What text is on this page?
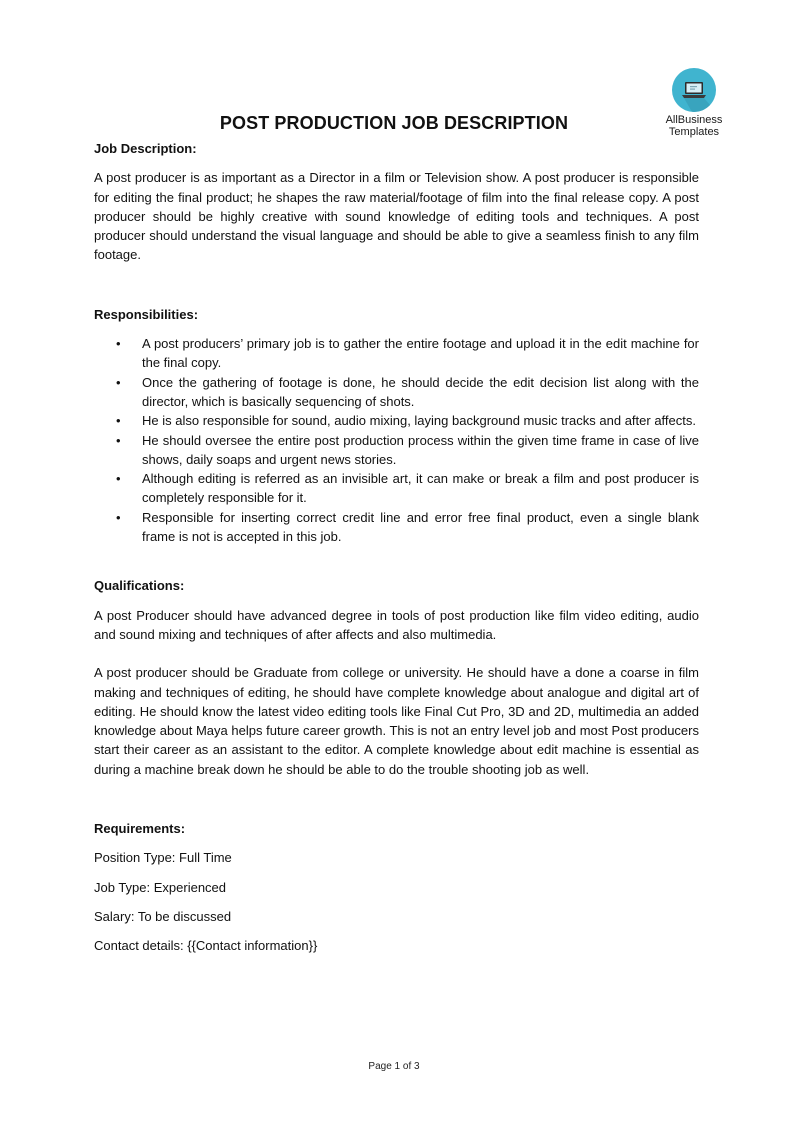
AllBusiness
Templates
POST PRODUCTION JOB DESCRIPTION

Job Description:

A post producer is as important as a Director in a film or Television show. A post producer is responsible for editing the final product; he shapes the raw material/footage of film into the final release copy. A post producer should be highly creative with sound knowledge of editing tools and techniques. A post producer should understand the visual language and should be able to give a seamless finish to any film footage.

Responsibilities:

• A post producers’ primary job is to gather the entire footage and upload it in the edit machine for the final copy.
• Once the gathering of footage is done, he should decide the edit decision list along with the director, which is basically sequencing of shots.
• He is also responsible for sound, audio mixing, laying background music tracks and after affects.
• He should oversee the entire post production process within the given time frame in case of live shows, daily soaps and urgent news stories.
• Although editing is referred as an invisible art, it can make or break a film and post producer is completely responsible for it.
• Responsible for inserting correct credit line and error free final product, even a single blank frame is not is accepted in this job.

Qualifications:

A post Producer should have advanced degree in tools of post production like film video editing, audio and sound mixing and techniques of after affects and also multimedia.

A post producer should be Graduate from college or university. He should have a done a coarse in film making and techniques of editing, he should have complete knowledge about analogue and digital art of editing. He should know the latest video editing tools like Final Cut Pro, 3D and 2D, multimedia an added knowledge about Maya helps future career growth. This is not an entry level job and most Post producers start their career as an assistant to the editor. A complete knowledge about edit machine is essential as during a machine break down he should be able to do the trouble shooting job as well.

Requirements:

Position Type: Full Time

Job Type: Experienced

Salary: To be discussed

Contact details: {{Contact information}}

Page 1 of 3
